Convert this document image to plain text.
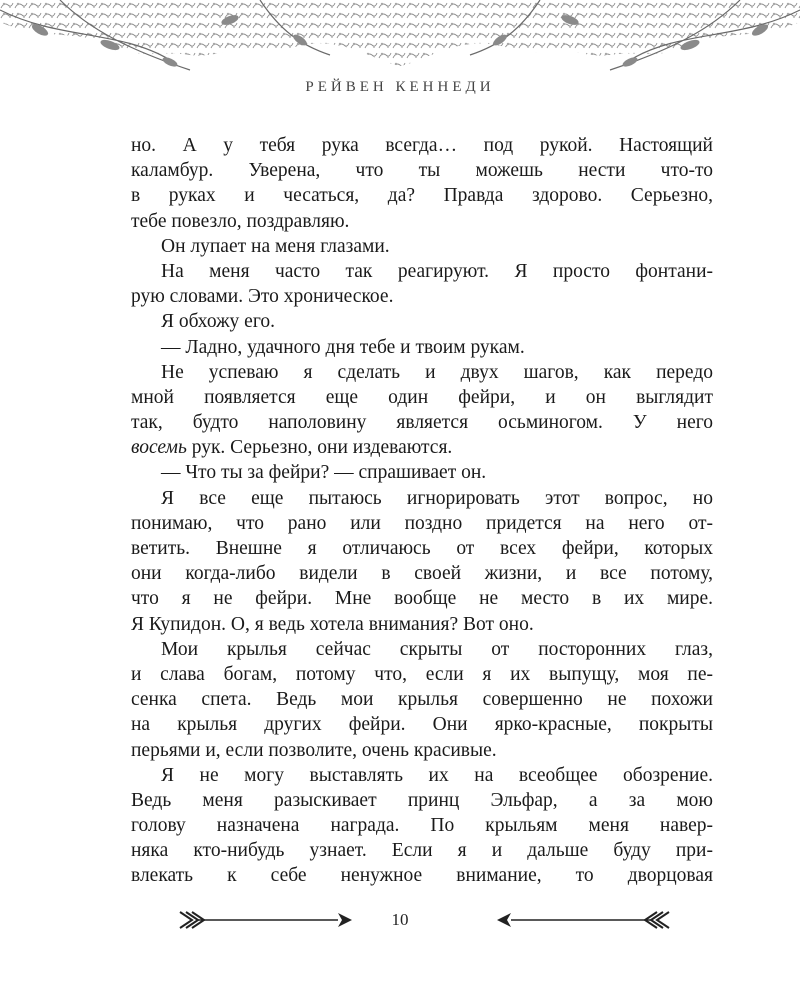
РЕЙВЕН КЕННЕДИ
но. А у тебя рука всегда… под рукой. Настоящий
каламбур. Уверена, что ты можешь нести что-то
в руках и чесаться, да? Правда здорово. Серьезно,
тебе повезло, поздравляю.
Он лупает на меня глазами.
На меня часто так реагируют. Я просто фонтани-
рую словами. Это хроническое.
Я обхожу его.
— Ладно, удачного дня тебе и твоим рукам.
Не успеваю я сделать и двух шагов, как передо
мной появляется еще один фейри, и он выглядит
так, будто наполовину является осьминогом. У него
восемь рук. Серьезно, они издеваются.
— Что ты за фейри? — спрашивает он.
Я все еще пытаюсь игнорировать этот вопрос, но
понимаю, что рано или поздно придется на него от-
ветить. Внешне я отличаюсь от всех фейри, которых
они когда-либо видели в своей жизни, и все потому,
что я не фейри. Мне вообще не место в их мире.
Я Купидон. О, я ведь хотела внимания? Вот оно.
Мои крылья сейчас скрыты от посторонних глаз,
и слава богам, потому что, если я их выпущу, моя пе-
сенка спета. Ведь мои крылья совершенно не похожи
на крылья других фейри. Они ярко-красные, покрыты
перьями и, если позволите, очень красивые.
Я не могу выставлять их на всеобщее обозрение.
Ведь меня разыскивает принц Эльфар, а за мою
голову назначена награда. По крыльям меня навер-
няка кто-нибудь узнает. Если я и дальше буду при-
влекать к себе ненужное внимание, то дворцовая
10
